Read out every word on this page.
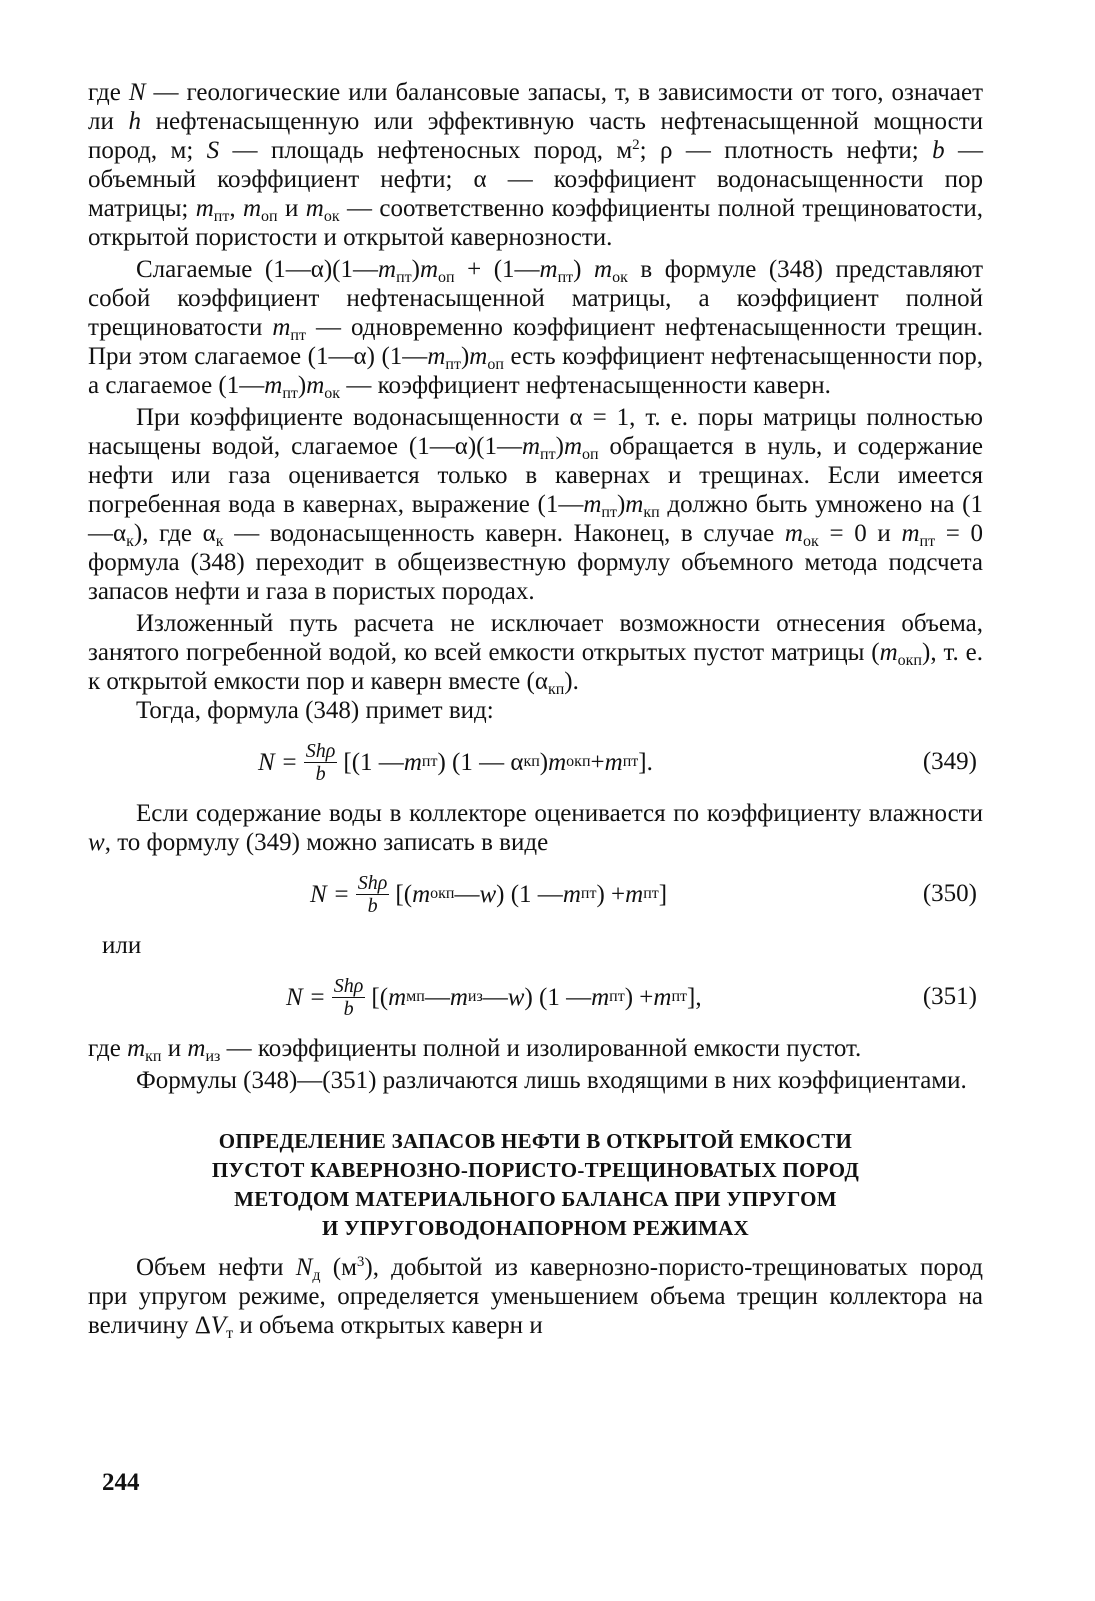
где N — геологические или балансовые запасы, т, в зависимости от того, означает ли h нефтенасыщенную или эффективную часть нефтенасыщенной мощности пород, м; S — площадь нефтеносных пород, $м^2$; ρ — плотность нефти; b — объемный коэффициент нефти; α — коэффициент водонасыщенности пор матрицы; $m_{пт}$, $m_{оп}$ и $m_{ок}$ — соответственно коэффициенты полной трещиноватости, открытой пористости и открытой кавернозности.

Слагаемые $(1—\alpha)(1—m_{пт})m_{оп}$ + $(1—m_{пт})$ $m_{ок}$ в формуле (348) представляют собой коэффициент нефтенасыщенной матрицы, а коэффициент полной трещиноватости $m_{пт}$ — одновременно коэффициент нефтенасыщенности трещин. При этом слагаемое (1—α) $(1—m_{пт})m_{оп}$ есть коэффициент нефтенасыщенности пор, а слагаемое $(1—m_{пт})m_{ок}$ — коэффициент нефтенасыщенности каверн.

При коэффициенте водонасыщенности α = 1, т. е. поры матрицы полностью насыщены водой, слагаемое $(1—\alpha)(1—m_{пт})m_{оп}$ обращается в нуль, и содержание нефти или газа оценивается только в кавернах и трещинах. Если имеется погребенная вода в кавернах, выражение $(1—m_{пт})m_{кп}$ должно быть умножено на $(1—\alpha_к)$, где $\alpha_к$ — водонасыщенность каверн. Наконец, в случае $m_{ок} = 0$ и $m_{пт} = 0$ формула (348) переходит в общеизвестную формулу объемного метода подсчета запасов нефти и газа в пористых породах.

Изложенный путь расчета не исключает возможности отнесения объема, занятого погребенной водой, ко всей емкости открытых пустот матрицы $(m_{окп})$, т. е. к открытой емкости пор и каверн вместе $(\alpha_{кп})$.

Тогда, формула (348) примет вид:

$N = \frac{\text{Shρ}}{b} [(1$ — m пт ) (1 — α кп ) m окп + m пт ].	(349)

Если содержание воды в коллекторе оценивается по коэффициенту влажности w, то формулу (349) можно записать в виде

$N = \frac{\text{Shρ}}{b}$ [( m окп — w ) (1 — m пт ) + m пт ]	(350)

или

$N = \frac{\text{Shρ}}{b}$ [( m мп — m из — w ) (1 — m пт ) + m пт ],	(351)

где $m_{кп}$ и $m_{из}$ — коэффициенты полной и изолированной емкости пустот.

Формулы (348)—(351) различаются лишь входящими в них коэффициентами.

ОПРЕДЕЛЕНИЕ ЗАПАСОВ НЕФТИ В ОТКРЫТОЙ ЕМКОСТИ
ПУСТОТ КАВЕРНОЗНО-ПОРИСТО-ТРЕЩИНОВАТЫХ ПОРОД
МЕТОДОМ МАТЕРИАЛЬНОГО БАЛАНСА ПРИ УПРУГОМ
И УПРУГОВОДОНАПОРНОМ РЕЖИМАХ

Объем нефти $N_д$ $(м^3)$, добытой из кавернозно-пористо-трещиноватых пород при упругом режиме, определяется уменьшением объема трещин коллектора на величину $\Delta V_т$ и объема открытых каверн и

244
